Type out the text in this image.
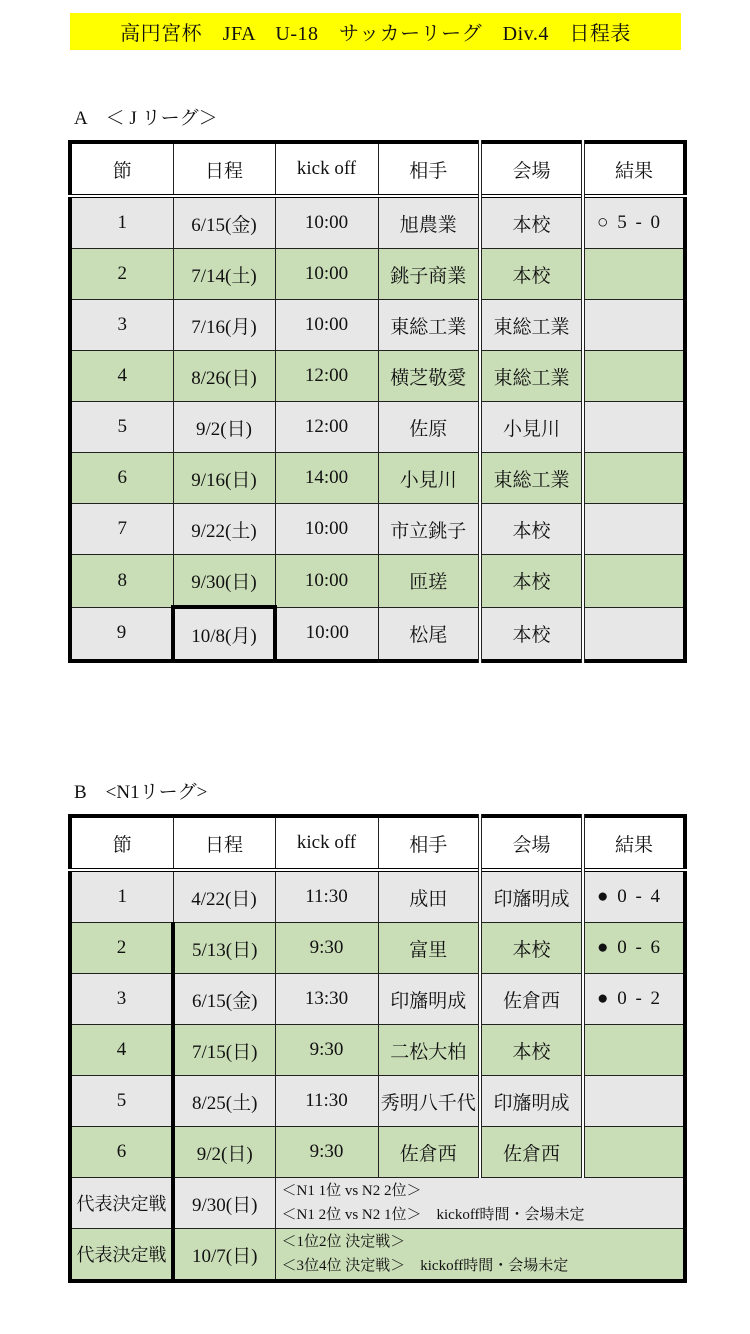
高円宮杯　JFA　U-18　サッカーリーグ　Div.4　日程表
A　＜ J リーグ＞
節	日程	kick off	相手	会場	結果
1	6/15(金)	10:00	旭農業	本校	○ 5 - 0
2	7/14(土)	10:00	銚子商業	本校	
3	7/16(月)	10:00	東総工業	東総工業	
4	8/26(日)	12:00	横芝敬愛	東総工業	
5	9/2(日)	12:00	佐原	小見川	
6	9/16(日)	14:00	小見川	東総工業	
7	9/22(土)	10:00	市立銚子	本校	
8	9/30(日)	10:00	匝瑳	本校	
9	10/8(月)	10:00	松尾	本校	
B　<N1リーグ>
節	日程	kick off	相手	会場	結果
1	4/22(日)	11:30	成田	印旛明成	● 0 - 4
2	5/13(日)	9:30	富里	本校	● 0 - 6
3	6/15(金)	13:30	印旛明成	佐倉西	● 0 - 2
4	7/15(日)	9:30	二松大柏	本校	
5	8/25(土)	11:30	秀明八千代	印旛明成	
6	9/2(日)	9:30	佐倉西	佐倉西	
代表決定戦	9/30(日)	＜N1 1位 vs N2 2位＞
＜N1 2位 vs N2 1位＞　kickoff時間・会場未定			

代表決定戦	10/7(日)	＜1位2位 決定戦＞
＜3位4位 決定戦＞　kickoff時間・会場未定			
